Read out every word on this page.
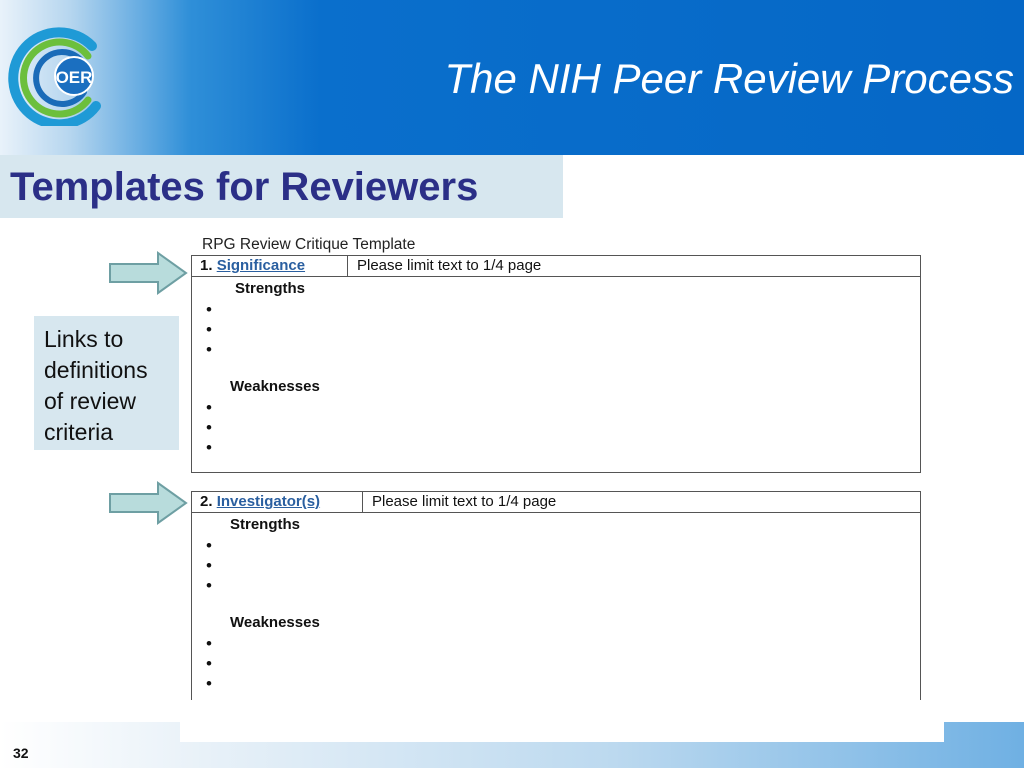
OER	The NIH Peer Review Process
Templates for Reviewers
Links to
definitions
of review
criteria
RPG Review Critique Template
1. Significance	Please limit text to 1/4 page
Strengths
•
•
•
Weaknesses
•
•
•
2. Investigator(s)	Please limit text to 1/4 page
Strengths
•
•
•
Weaknesses
•
•
•
32
